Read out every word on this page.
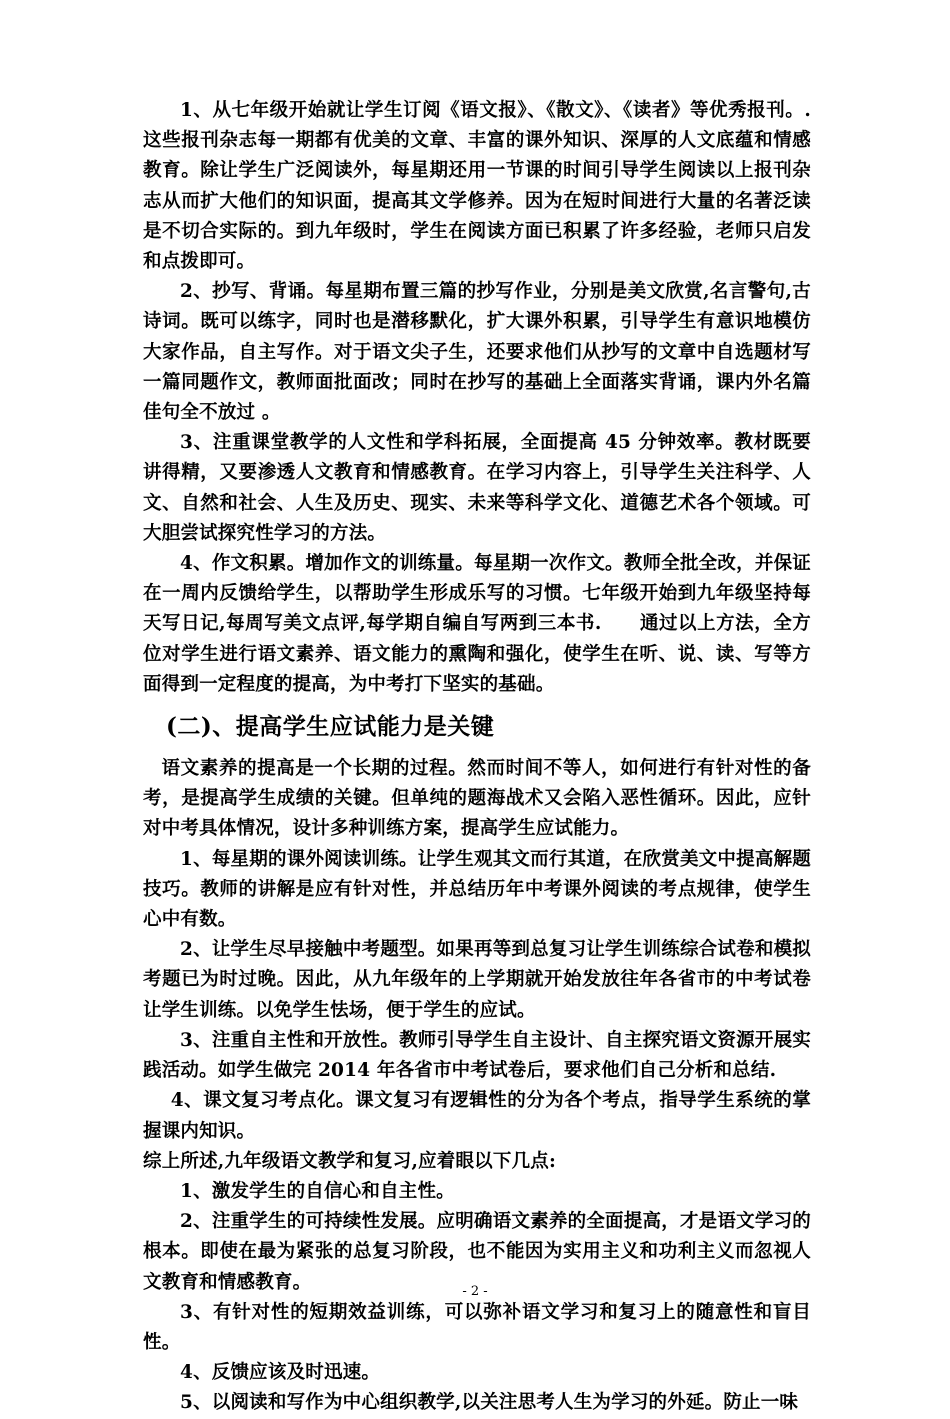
1、从七年级开始就让学生订阅《语文报》、《散文》、《读者》等优秀报刊。. 这些报刊杂志每一期都有优美的文章、丰富的课外知识、深厚的人文底蕴和情感教育。除让学生广泛阅读外，每星期还用一节课的时间引导学生阅读以上报刊杂志从而扩大他们的知识面，提高其文学修养。因为在短时间进行大量的名著泛读是不切合实际的。到九年级时，学生在阅读方面已积累了许多经验，老师只启发和点拨即可。

2、抄写、背诵。每星期布置三篇的抄写作业，分别是美文欣赏,名言警句,古诗词。既可以练字，同时也是潜移默化，扩大课外积累，引导学生有意识地模仿大家作品，自主写作。对于语文尖子生，还要求他们从抄写的文章中自选题材写一篇同题作文，教师面批面改；同时在抄写的基础上全面落实背诵，课内外名篇佳句全不放过 。

3、注重课堂教学的人文性和学科拓展，全面提高 45 分钟效率。教材既要讲得精，又要渗透人文教育和情感教育。在学习内容上，引导学生关注科学、人文、自然和社会、人生及历史、现实、未来等科学文化、道德艺术各个领域。可大胆尝试探究性学习的方法。

4、作文积累。增加作文的训练量。每星期一次作文。教师全批全改，并保证在一周内反馈给学生，以帮助学生形成乐写的习惯。七年级开始到九年级坚持每天写日记,每周写美文点评,每学期自编自写两到三本书.　　通过以上方法，全方位对学生进行语文素养、语文能力的熏陶和强化，使学生在听、说、读、写等方面得到一定程度的提高，为中考打下坚实的基础。

(二)、提高学生应试能力是关键

语文素养的提高是一个长期的过程。然而时间不等人，如何进行有针对性的备考，是提高学生成绩的关键。但单纯的题海战术又会陷入恶性循环。因此，应针对中考具体情况，设计多种训练方案，提高学生应试能力。

1、每星期的课外阅读训练。让学生观其文而行其道，在欣赏美文中提高解题技巧。教师的讲解是应有针对性，并总结历年中考课外阅读的考点规律，使学生心中有数。

2、让学生尽早接触中考题型。如果再等到总复习让学生训练综合试卷和模拟考题已为时过晚。因此，从九年级年的上学期就开始发放往年各省市的中考试卷让学生训练。以免学生怯场，便于学生的应试。

3、注重自主性和开放性。教师引导学生自主设计、自主探究语文资源开展实践活动。如学生做完 2014 年各省市中考试卷后，要求他们自己分析和总结.

4、课文复习考点化。课文复习有逻辑性的分为各个考点，指导学生系统的掌握课内知识。

综上所述,九年级语文教学和复习,应着眼以下几点:

1、激发学生的自信心和自主性。

2、注重学生的可持续性发展。应明确语文素养的全面提高，才是语文学习的根本。即使在最为紧张的总复习阶段，也不能因为实用主义和功利主义而忽视人文教育和情感教育。

3、有针对性的短期效益训练，可以弥补语文学习和复习上的随意性和盲目性。

4、反馈应该及时迅速。

5、以阅读和写作为中心组织教学,以关注思考人生为学习的外延。防止一味

- 2 -
